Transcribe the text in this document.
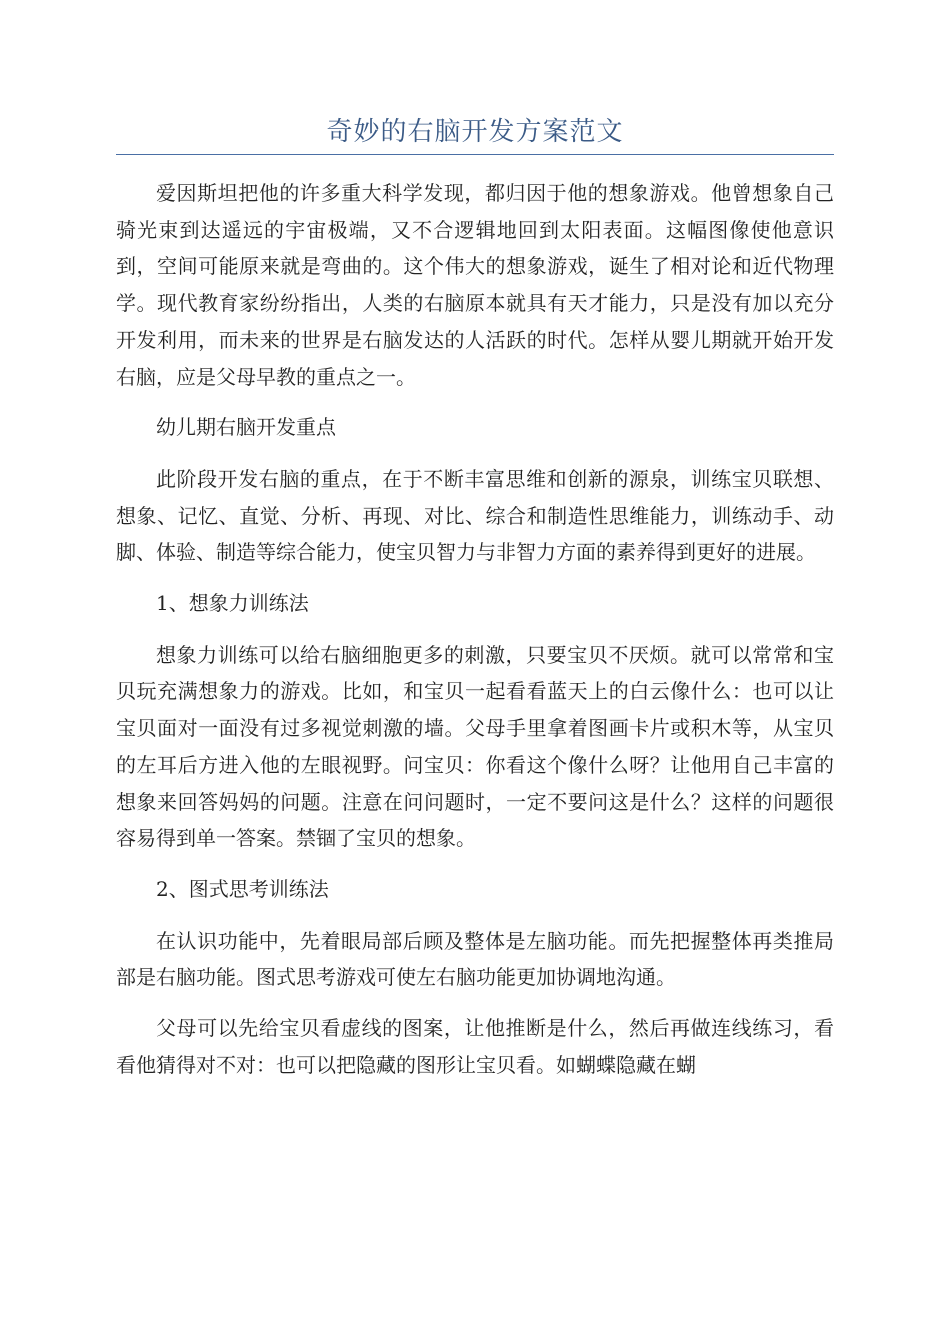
奇妙的右脑开发方案范文

爱因斯坦把他的许多重大科学发现，都归因于他的想象游戏。他曾想象自己骑光束到达遥远的宇宙极端，又不合逻辑地回到太阳表面。这幅图像使他意识到，空间可能原来就是弯曲的。这个伟大的想象游戏，诞生了相对论和近代物理学。现代教育家纷纷指出，人类的右脑原本就具有天才能力，只是没有加以充分开发利用，而未来的世界是右脑发达的人活跃的时代。怎样从婴儿期就开始开发右脑，应是父母早教的重点之一。

幼儿期右脑开发重点

此阶段开发右脑的重点，在于不断丰富思维和创新的源泉，训练宝贝联想、想象、记忆、直觉、分析、再现、对比、综合和制造性思维能力，训练动手、动脚、体验、制造等综合能力，使宝贝智力与非智力方面的素养得到更好的进展。

1、想象力训练法

想象力训练可以给右脑细胞更多的刺激，只要宝贝不厌烦。就可以常常和宝贝玩充满想象力的游戏。比如，和宝贝一起看看蓝天上的白云像什么：也可以让宝贝面对一面没有过多视觉刺激的墙。父母手里拿着图画卡片或积木等，从宝贝的左耳后方进入他的左眼视野。问宝贝：你看这个像什么呀？让他用自己丰富的想象来回答妈妈的问题。注意在问问题时，一定不要问这是什么？这样的问题很容易得到单一答案。禁锢了宝贝的想象。

2、图式思考训练法

在认识功能中，先着眼局部后顾及整体是左脑功能。而先把握整体再类推局部是右脑功能。图式思考游戏可使左右脑功能更加协调地沟通。

父母可以先给宝贝看虚线的图案，让他推断是什么，然后再做连线练习，看看他猜得对不对：也可以把隐藏的图形让宝贝看。如蝴蝶隐藏在蝴
